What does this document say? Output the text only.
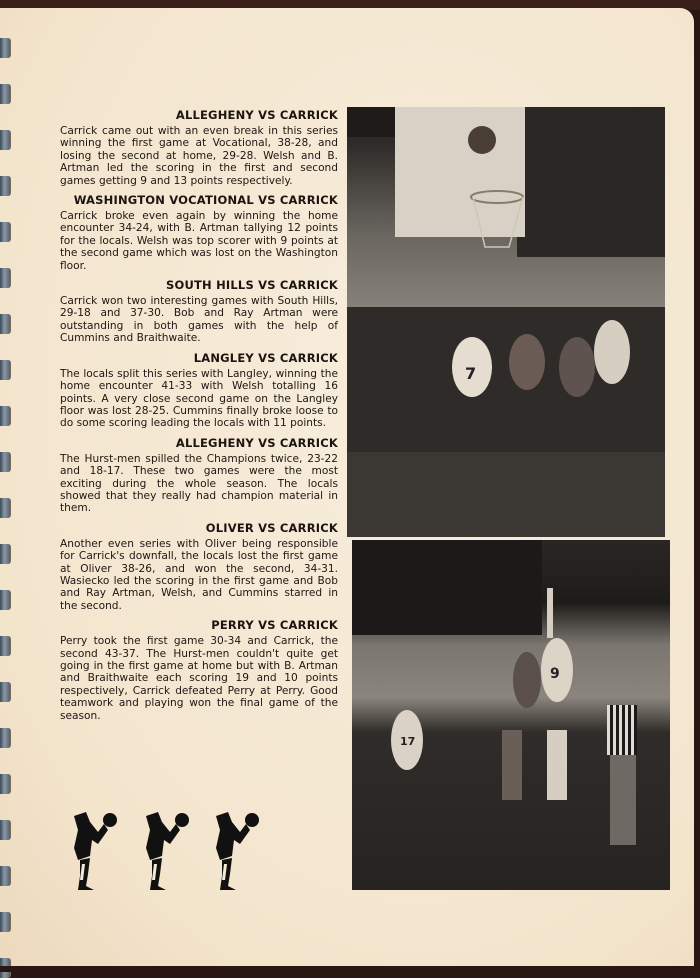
ALLEGHENY VS CARRICK

Carrick came out with an even break in this series winning the first game at Vocational, 38-28, and losing the second at home, 29-28. Welsh and B. Artman led the scoring in the first and second games getting 9 and 13 points respectively.

WASHINGTON VOCATIONAL VS CARRICK

Carrick broke even again by winning the home encounter 34-24, with B. Artman tallying 12 points for the locals. Welsh was top scorer with 9 points at the second game which was lost on the Washington floor.

SOUTH HILLS VS CARRICK

Carrick won two interesting games with South Hills, 29-18 and 37-30. Bob and Ray Artman were outstanding in both games with the help of Cummins and Braithwaite.

LANGLEY VS CARRICK

The locals split this series with Langley, winning the home encounter 41-33 with Welsh totalling 16 points. A very close second game on the Langley floor was lost 28-25. Cummins finally broke loose to do some scoring leading the locals with 11 points.

ALLEGHENY VS CARRICK

The Hurst-men spilled the Champions twice, 23-22 and 18-17. These two games were the most exciting during the whole season. The locals showed that they really had champion material in them.

OLIVER VS CARRICK

Another even series with Oliver being responsible for Carrick's downfall, the locals lost the first game at Oliver 38-26, and won the second, 34-31. Wasiecko led the scoring in the first game and Bob and Ray Artman, Welsh, and Cummins starred in the second.

PERRY VS CARRICK

Perry took the first game 30-34 and Carrick, the second 43-37. The Hurst-men couldn't quite get going in the first game at home but with B. Artman and Braithwaite each scoring 19 and 10 points respectively, Carrick defeated Perry at Perry. Good teamwork and playing won the final game of the season.

7
9
17
